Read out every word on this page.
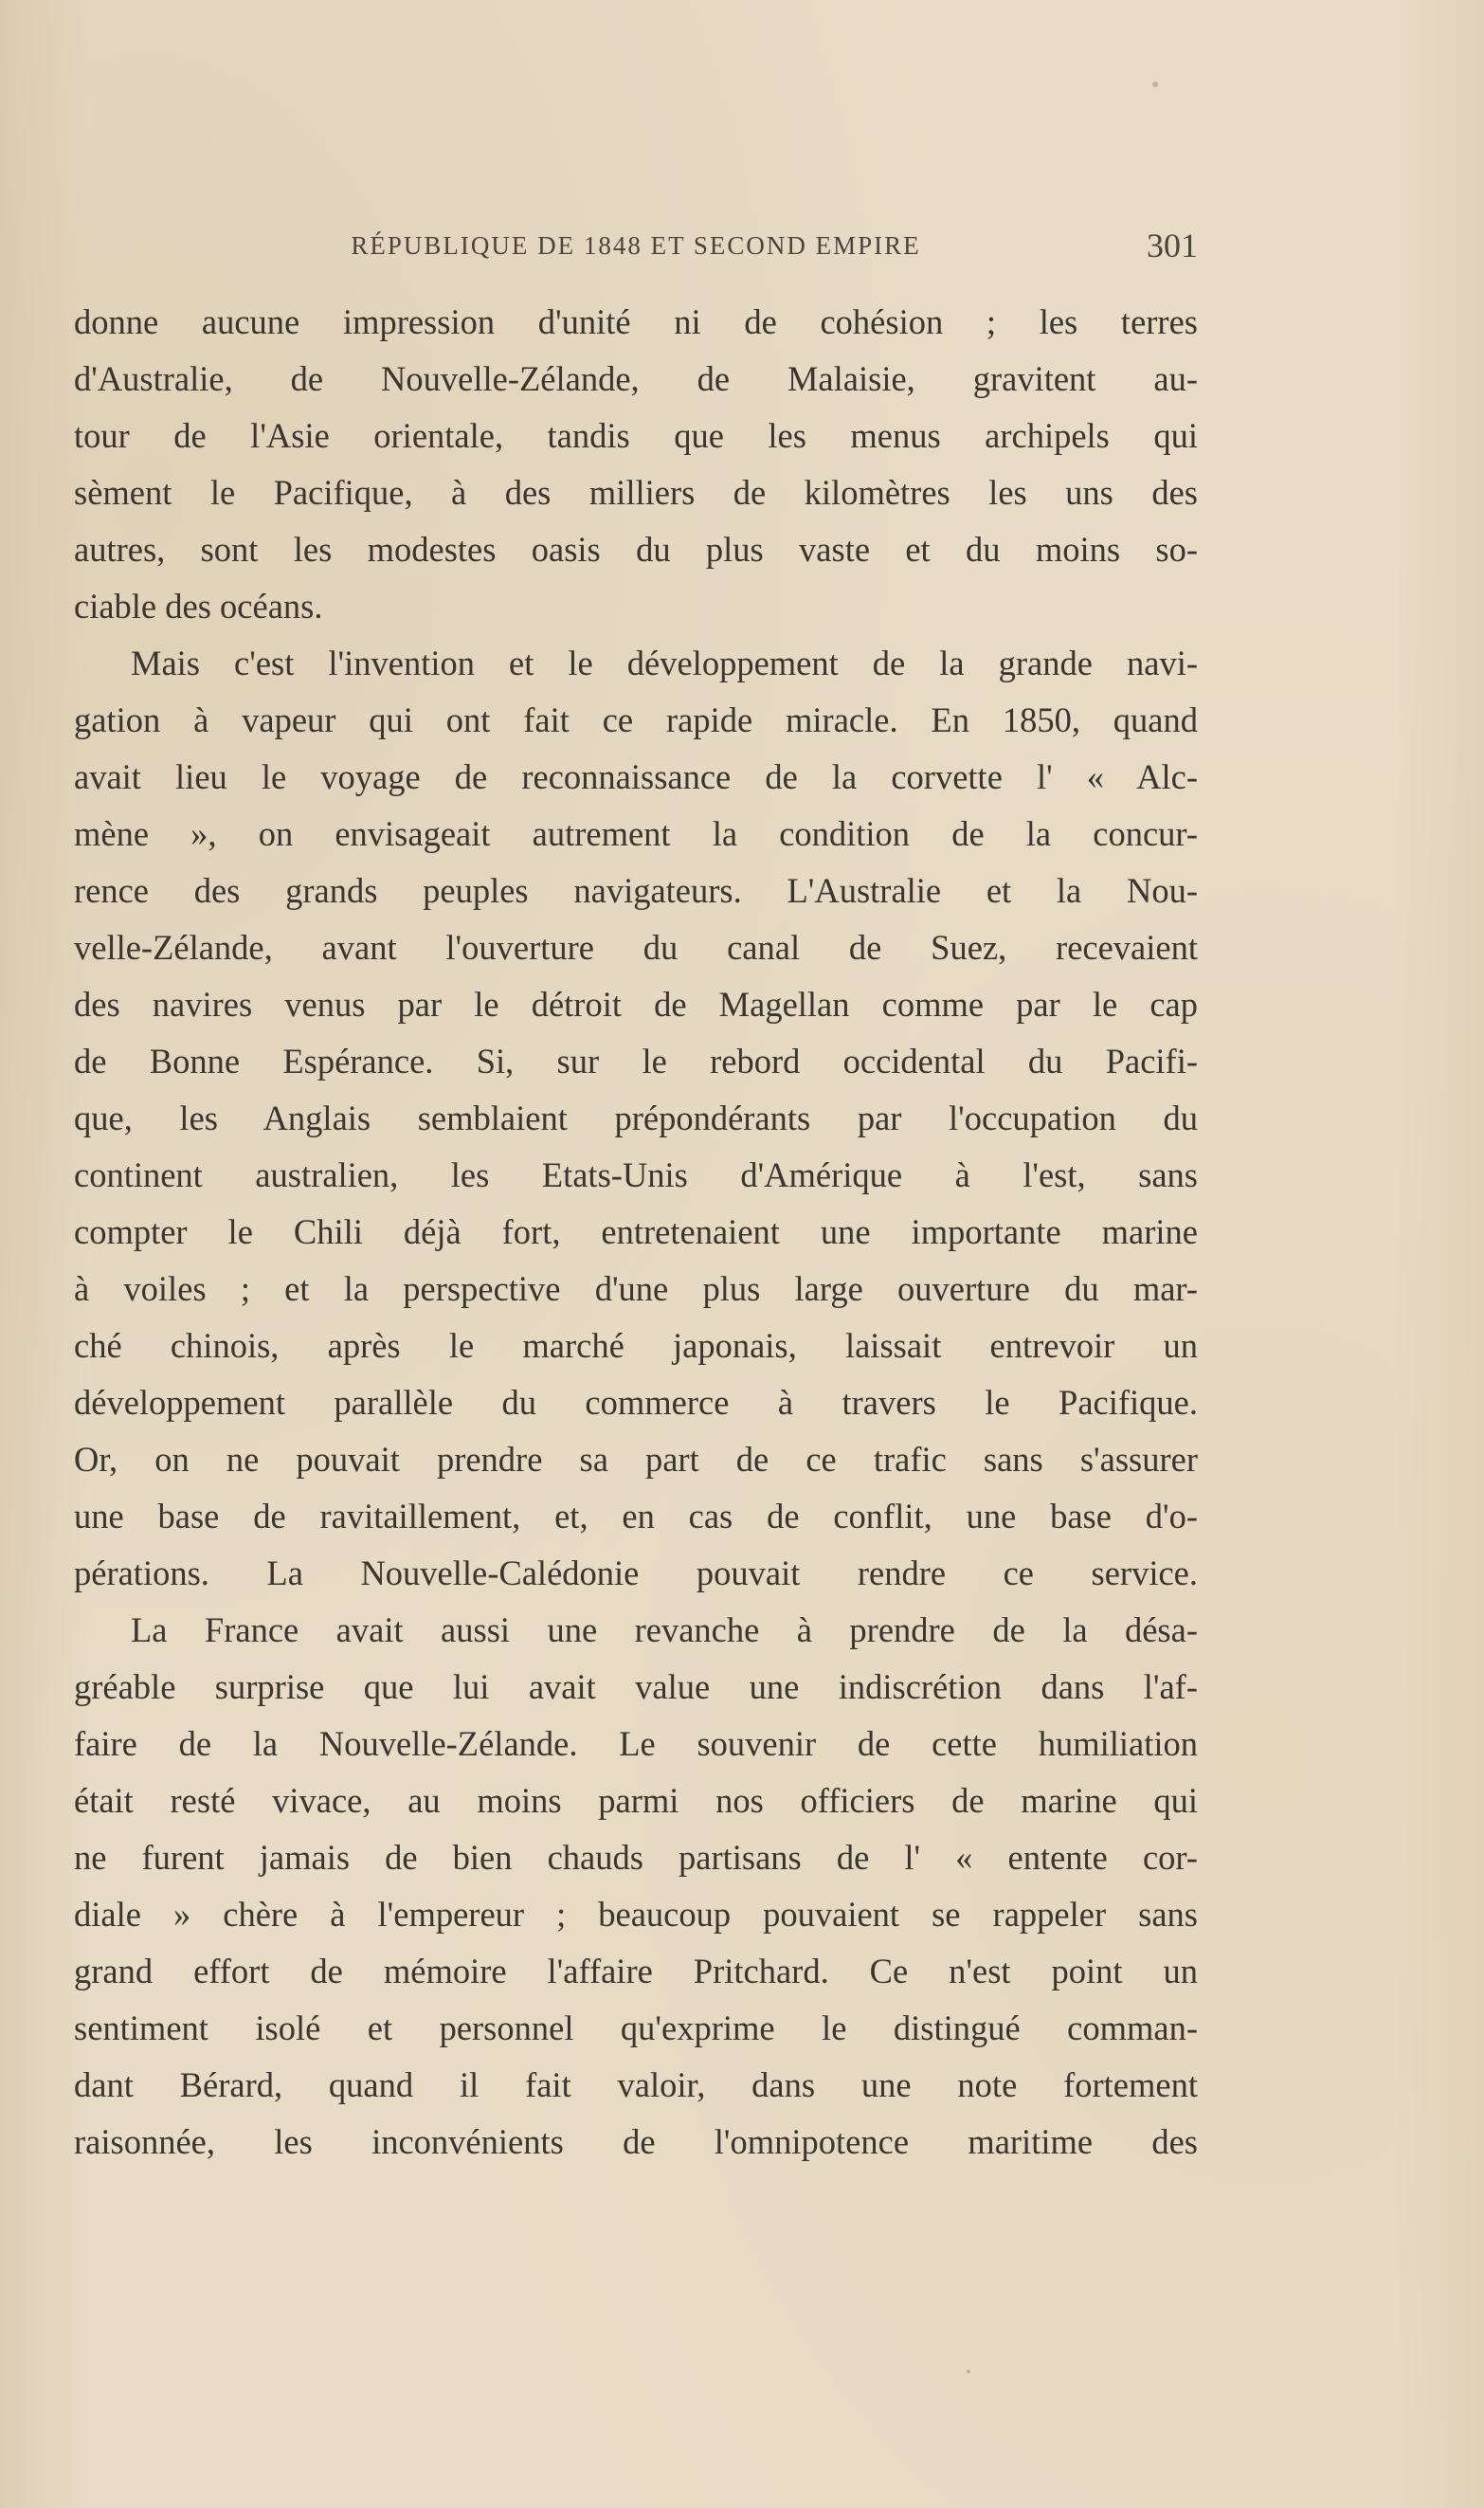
RÉPUBLIQUE DE 1848 ET SECOND EMPIRE	301

donne aucune impression d'unité ni de cohésion ; les terres
d'Australie, de Nouvelle-Zélande, de Malaisie, gravitent au-
tour de l'Asie orientale, tandis que les menus archipels qui
sèment le Pacifique, à des milliers de kilomètres les uns des
autres, sont les modestes oasis du plus vaste et du moins so-
ciable des océans.

Mais c'est l'invention et le développement de la grande navi-
gation à vapeur qui ont fait ce rapide miracle. En 1850, quand
avait lieu le voyage de reconnaissance de la corvette l' « Alc-
mène », on envisageait autrement la condition de la concur-
rence des grands peuples navigateurs. L'Australie et la Nou-
velle-Zélande, avant l'ouverture du canal de Suez, recevaient
des navires venus par le détroit de Magellan comme par le cap
de Bonne Espérance. Si, sur le rebord occidental du Pacifi-
que, les Anglais semblaient prépondérants par l'occupation du
continent australien, les Etats-Unis d'Amérique à l'est, sans
compter le Chili déjà fort, entretenaient une importante marine
à voiles ; et la perspective d'une plus large ouverture du mar-
ché chinois, après le marché japonais, laissait entrevoir un
développement parallèle du commerce à travers le Pacifique.
Or, on ne pouvait prendre sa part de ce trafic sans s'assurer
une base de ravitaillement, et, en cas de conflit, une base d'o-
pérations. La Nouvelle-Calédonie pouvait rendre ce service.

La France avait aussi une revanche à prendre de la désa-
gréable surprise que lui avait value une indiscrétion dans l'af-
faire de la Nouvelle-Zélande. Le souvenir de cette humiliation
était resté vivace, au moins parmi nos officiers de marine qui
ne furent jamais de bien chauds partisans de l' « entente cor-
diale » chère à l'empereur ; beaucoup pouvaient se rappeler sans
grand effort de mémoire l'affaire Pritchard. Ce n'est point un
sentiment isolé et personnel qu'exprime le distingué comman-
dant Bérard, quand il fait valoir, dans une note fortement
raisonnée, les inconvénients de l'omnipotence maritime des
